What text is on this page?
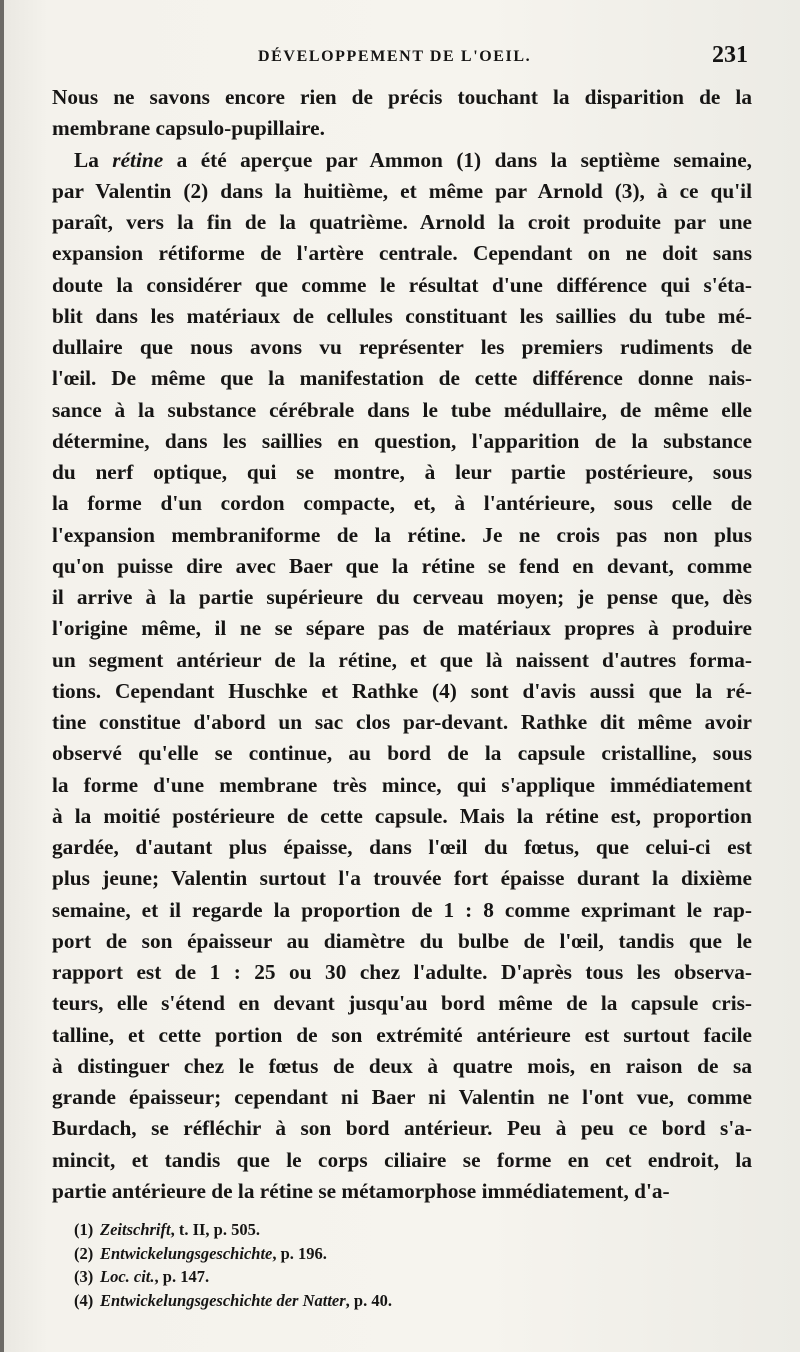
DÉVELOPPEMENT DE L'OEIL.	231
Nous ne savons encore rien de précis touchant la disparition de la
membrane capsulo-pupillaire.
La rétine a été aperçue par Ammon (1) dans la septième semaine,
par Valentin (2) dans la huitième, et même par Arnold (3), à ce qu'il
paraît, vers la fin de la quatrième. Arnold la croit produite par une
expansion rétiforme de l'artère centrale. Cependant on ne doit sans
doute la considérer que comme le résultat d'une différence qui s'éta-
blit dans les matériaux de cellules constituant les saillies du tube mé-
dullaire que nous avons vu représenter les premiers rudiments de
l'œil. De même que la manifestation de cette différence donne nais-
sance à la substance cérébrale dans le tube médullaire, de même elle
détermine, dans les saillies en question, l'apparition de la substance
du nerf optique, qui se montre, à leur partie postérieure, sous
la forme d'un cordon compacte, et, à l'antérieure, sous celle de
l'expansion membraniforme de la rétine. Je ne crois pas non plus
qu'on puisse dire avec Baer que la rétine se fend en devant, comme
il arrive à la partie supérieure du cerveau moyen; je pense que, dès
l'origine même, il ne se sépare pas de matériaux propres à produire
un segment antérieur de la rétine, et que là naissent d'autres forma-
tions. Cependant Huschke et Rathke (4) sont d'avis aussi que la ré-
tine constitue d'abord un sac clos par-devant. Rathke dit même avoir
observé qu'elle se continue, au bord de la capsule cristalline, sous
la forme d'une membrane très mince, qui s'applique immédiatement
à la moitié postérieure de cette capsule. Mais la rétine est, proportion
gardée, d'autant plus épaisse, dans l'œil du fœtus, que celui-ci est
plus jeune; Valentin surtout l'a trouvée fort épaisse durant la dixième
semaine, et il regarde la proportion de 1 : 8 comme exprimant le rap-
port de son épaisseur au diamètre du bulbe de l'œil, tandis que le
rapport est de 1 : 25 ou 30 chez l'adulte. D'après tous les observa-
teurs, elle s'étend en devant jusqu'au bord même de la capsule cris-
talline, et cette portion de son extrémité antérieure est surtout facile
à distinguer chez le fœtus de deux à quatre mois, en raison de sa
grande épaisseur; cependant ni Baer ni Valentin ne l'ont vue, comme
Burdach, se réfléchir à son bord antérieur. Peu à peu ce bord s'a-
mincit, et tandis que le corps ciliaire se forme en cet endroit, la
partie antérieure de la rétine se métamorphose immédiatement, d'a-
(1) Zeitschrift, t. II, p. 505.
(2) Entwickelungsgeschichte, p. 196.
(3) Loc. cit., p. 147.
(4) Entwickelungsgeschichte der Natter, p. 40.
